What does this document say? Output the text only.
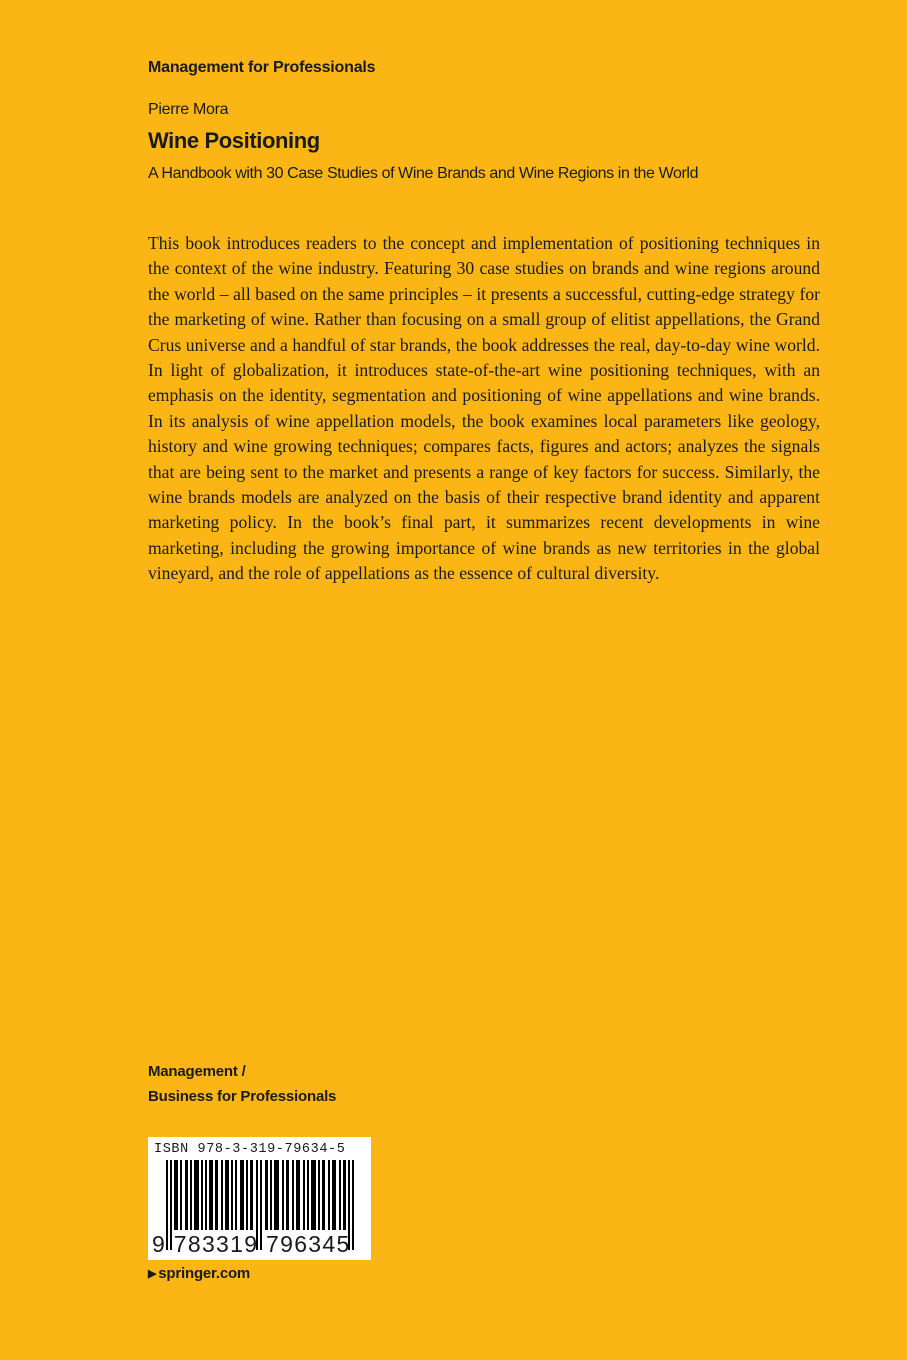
Management for Professionals
Pierre Mora
Wine Positioning
A Handbook with 30 Case Studies of Wine Brands and Wine Regions in the World

This book introduces readers to the concept and implementation of positioning techniques in the context of the wine industry. Featuring 30 case studies on brands and wine regions around the world – all based on the same principles – it presents a successful, cutting-edge strategy for the marketing of wine. Rather than focusing on a small group of elitist appellations, the Grand Crus universe and a handful of star brands, the book addresses the real, day-to-day wine world. In light of globalization, it introduces state-of-the-art wine positioning techniques, with an emphasis on the identity, segmentation and positioning of wine appellations and wine brands. In its analysis of wine appellation models, the book examines local parameters like geology, history and wine growing techniques; compares facts, figures and actors; analyzes the signals that are being sent to the market and presents a range of key factors for success. Similarly, the wine brands models are analyzed on the basis of their respective brand identity and apparent marketing policy. In the book’s final part, it summarizes recent developments in wine marketing, including the growing importance of wine brands as new territories in the global vineyard, and the role of appellations as the essence of cultural diversity.

Management /
Business for Professionals
ISBN 978-3-319-79634-5
9 783319 796345
▶ springer.com
